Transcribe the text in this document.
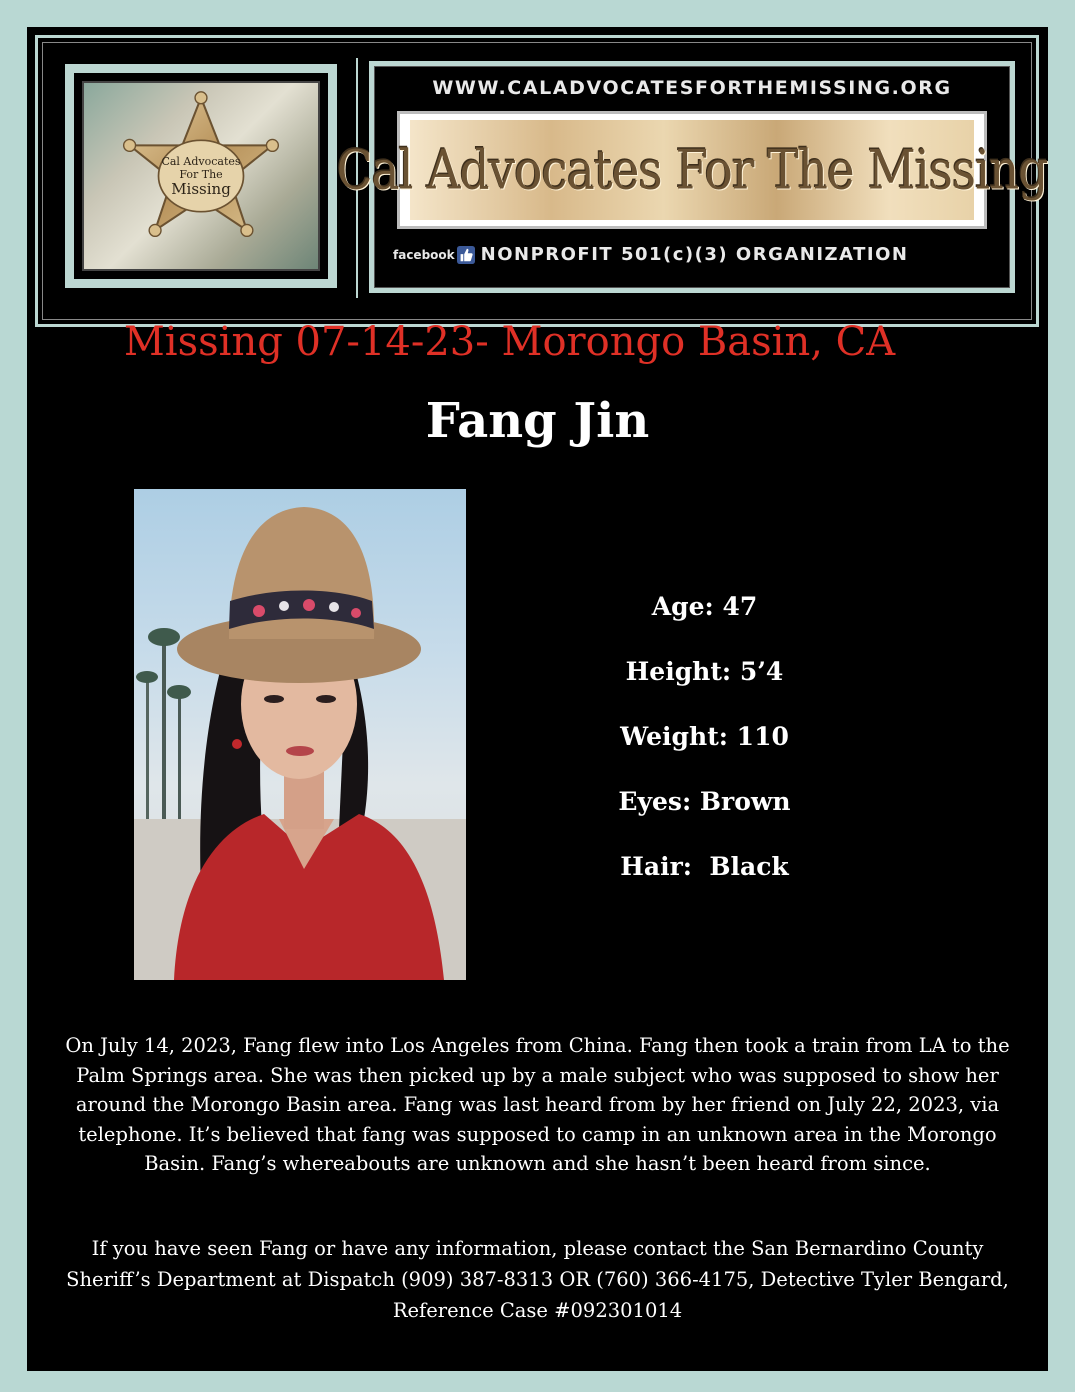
Cal Advocates
For The
Missing
WWW.CALADVOCATESFORTHEMISSING.ORG
Cal Advocates For The Missing
facebook NONPROFIT 501(c)(3) ORGANIZATION
Missing 07-14-23- Morongo Basin, CA
Fang Jin
Age: 47
Height: 5’4
Weight: 110
Eyes: Brown
Hair:  Black
On July 14, 2023, Fang flew into Los Angeles from China. Fang then took a train from LA to the Palm Springs area. She was then picked up by a male subject who was supposed to show her around the Morongo Basin area. Fang was last heard from by her friend on July 22, 2023, via telephone. It’s believed that fang was supposed to camp in an unknown area in the Morongo Basin. Fang’s whereabouts are unknown and she hasn’t been heard from since.
If you have seen Fang or have any information, please contact the San Bernardino County Sheriff’s Department at Dispatch (909) 387-8313 OR (760) 366-4175, Detective Tyler Bengard, Reference Case #092301014
